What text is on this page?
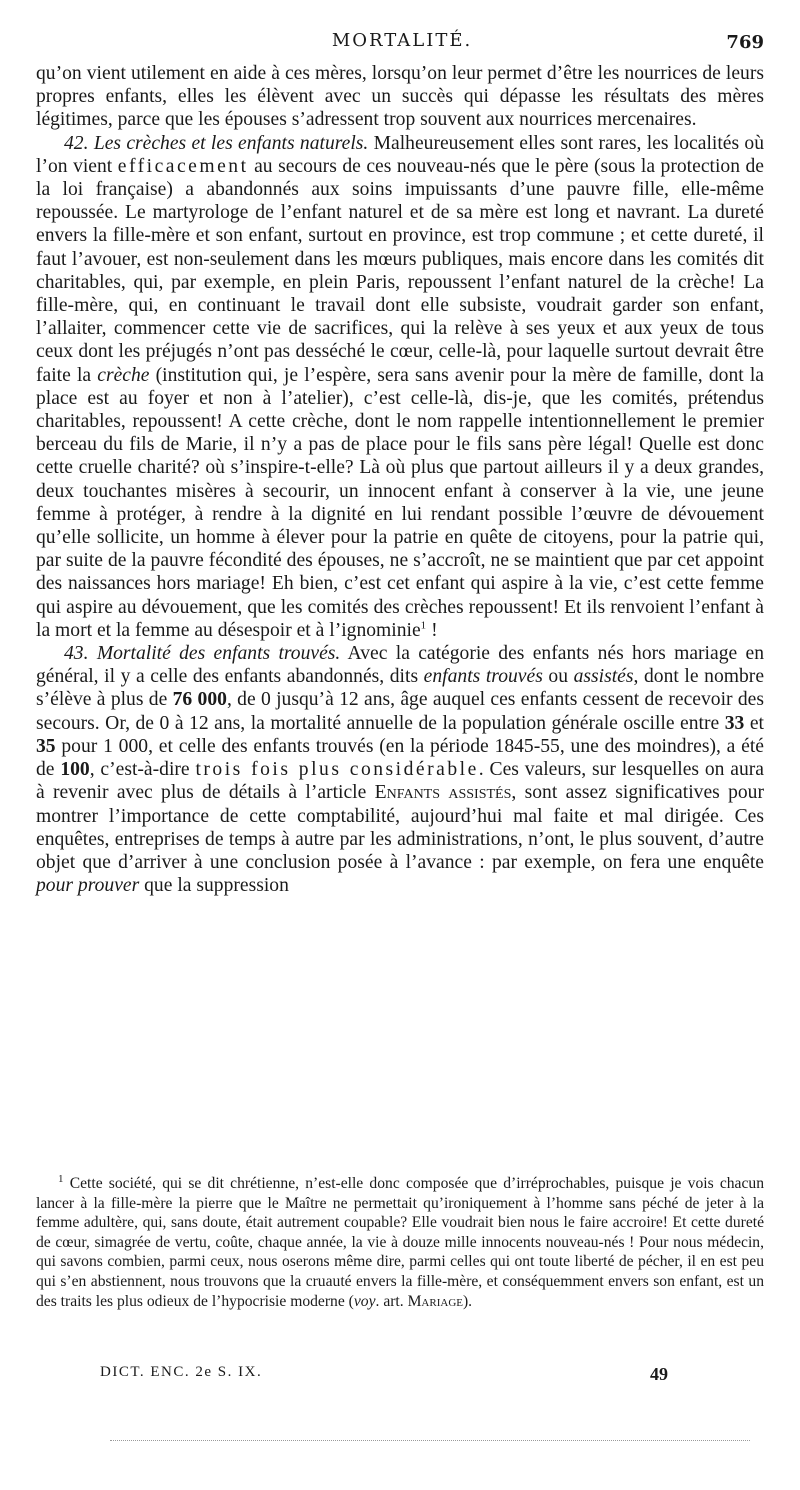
MORTALITÉ.	769

qu’on vient utilement en aide à ces mères, lorsqu’on leur permet d’être les nourrices de leurs propres enfants, elles les élèvent avec un succès qui dépasse les résultats des mères légitimes, parce que les épouses s’adressent trop souvent aux nourrices mercenaires.

42. Les crèches et les enfants naturels. Malheureusement elles sont rares, les localités où l’on vient efficacement au secours de ces nouveau-nés que le père (sous la protection de la loi française) a abandonnés aux soins impuissants d’une pauvre fille, elle-même repoussée. Le martyrologe de l’enfant naturel et de sa mère est long et navrant. La dureté envers la fille-mère et son enfant, surtout en province, est trop commune ; et cette dureté, il faut l’avouer, est non-seulement dans les mœurs publiques, mais encore dans les comités dit charitables, qui, par exemple, en plein Paris, repoussent l’enfant naturel de la crèche! La fille-mère, qui, en continuant le travail dont elle subsiste, voudrait garder son enfant, l’allaiter, commencer cette vie de sacrifices, qui la relève à ses yeux et aux yeux de tous ceux dont les préjugés n’ont pas desséché le cœur, celle-là, pour laquelle surtout devrait être faite la crèche (institution qui, je l’espère, sera sans avenir pour la mère de famille, dont la place est au foyer et non à l’atelier), c’est celle-là, dis-je, que les comités, prétendus charitables, repoussent! A cette crèche, dont le nom rappelle intentionnellement le premier berceau du fils de Marie, il n’y a pas de place pour le fils sans père légal! Quelle est donc cette cruelle charité? où s’inspire-t-elle? Là où plus que partout ailleurs il y a deux grandes, deux touchantes misères à secourir, un innocent enfant à conserver à la vie, une jeune femme à protéger, à rendre à la dignité en lui rendant possible l’œuvre de dévouement qu’elle sollicite, un homme à élever pour la patrie en quête de citoyens, pour la patrie qui, par suite de la pauvre fécondité des épouses, ne s’accroît, ne se maintient que par cet appoint des naissances hors mariage! Eh bien, c’est cet enfant qui aspire à la vie, c’est cette femme qui aspire au dévouement, que les comités des crèches repoussent! Et ils renvoient l’enfant à la mort et la femme au désespoir et à l’ignominie$^1$ !

43. Mortalité des enfants trouvés. Avec la catégorie des enfants nés hors mariage en général, il y a celle des enfants abandonnés, dits enfants trouvés ou assistés, dont le nombre s’élève à plus de 76 000, de 0 jusqu’à 12 ans, âge auquel ces enfants cessent de recevoir des secours. Or, de 0 à 12 ans, la mortalité annuelle de la population générale oscille entre 33 et 35 pour 1 000, et celle des enfants trouvés (en la période 1845-55, une des moindres), a été de 100, c’est-à-dire trois fois plus considérable. Ces valeurs, sur lesquelles on aura à revenir avec plus de détails à l’article Enfants assistés, sont assez significatives pour montrer l’importance de cette comptabilité, aujourd’hui mal faite et mal dirigée. Ces enquêtes, entreprises de temps à autre par les administrations, n’ont, le plus souvent, d’autre objet que d’arriver à une conclusion posée à l’avance : par exemple, on fera une enquête pour prouver que la suppression

$^1$ Cette société, qui se dit chrétienne, n’est-elle donc composée que d’irréprochables, puisque je vois chacun lancer à la fille-mère la pierre que le Maître ne permettait qu’ironiquement à l’homme sans péché de jeter à la femme adultère, qui, sans doute, était autrement coupable? Elle voudrait bien nous le faire accroire! Et cette dureté de cœur, simagrée de vertu, coûte, chaque année, la vie à douze mille innocents nouveau-nés ! Pour nous médecin, qui savons combien, parmi ceux, nous oserons même dire, parmi celles qui ont toute liberté de pécher, il en est peu qui s’en abstiennent, nous trouvons que la cruauté envers la fille-mère, et conséquemment envers son enfant, est un des traits les plus odieux de l’hypocrisie moderne (voy. art. Mariage).

DICT. ENC. 2e S. IX.	49
